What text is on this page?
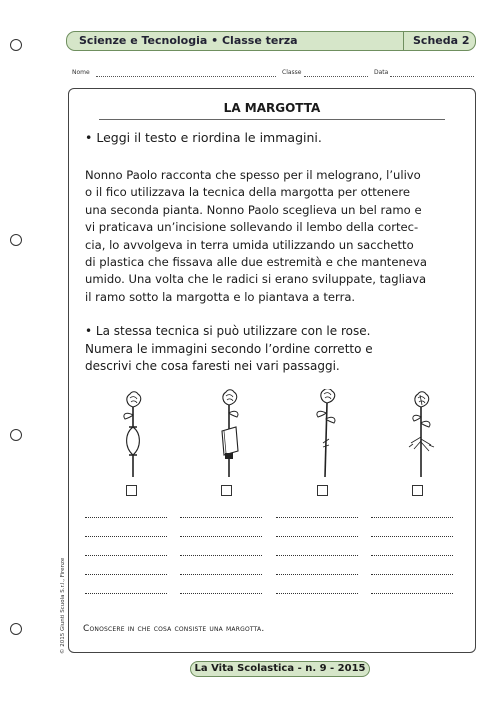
Scienze e Tecnologia • Classe terza	Scheda 2
Nome	Classe	Data
LA MARGOTTA
• Leggi il testo e riordina le immagini.
Nonno Paolo racconta che spesso per il melograno, l’ulivo
o il fico utilizzava la tecnica della margotta per ottenere
una seconda pianta. Nonno Paolo sceglieva un bel ramo e
vi praticava un’incisione sollevando il lembo della cortec-
cia, lo avvolgeva in terra umida utilizzando un sacchetto
di plastica che fissava alle due estremità e che manteneva
umido. Una volta che le radici si erano sviluppate, tagliava
il ramo sotto la margotta e lo piantava a terra.
• La stessa tecnica si può utilizzare con le rose.
Numera le immagini secondo l’ordine corretto e
descrivi che cosa faresti nei vari passaggi.
Conoscere in che cosa consiste una margotta.
© 2015 Giunti Scuola S.r.l., Firenze
La Vita Scolastica - n. 9 - 2015
